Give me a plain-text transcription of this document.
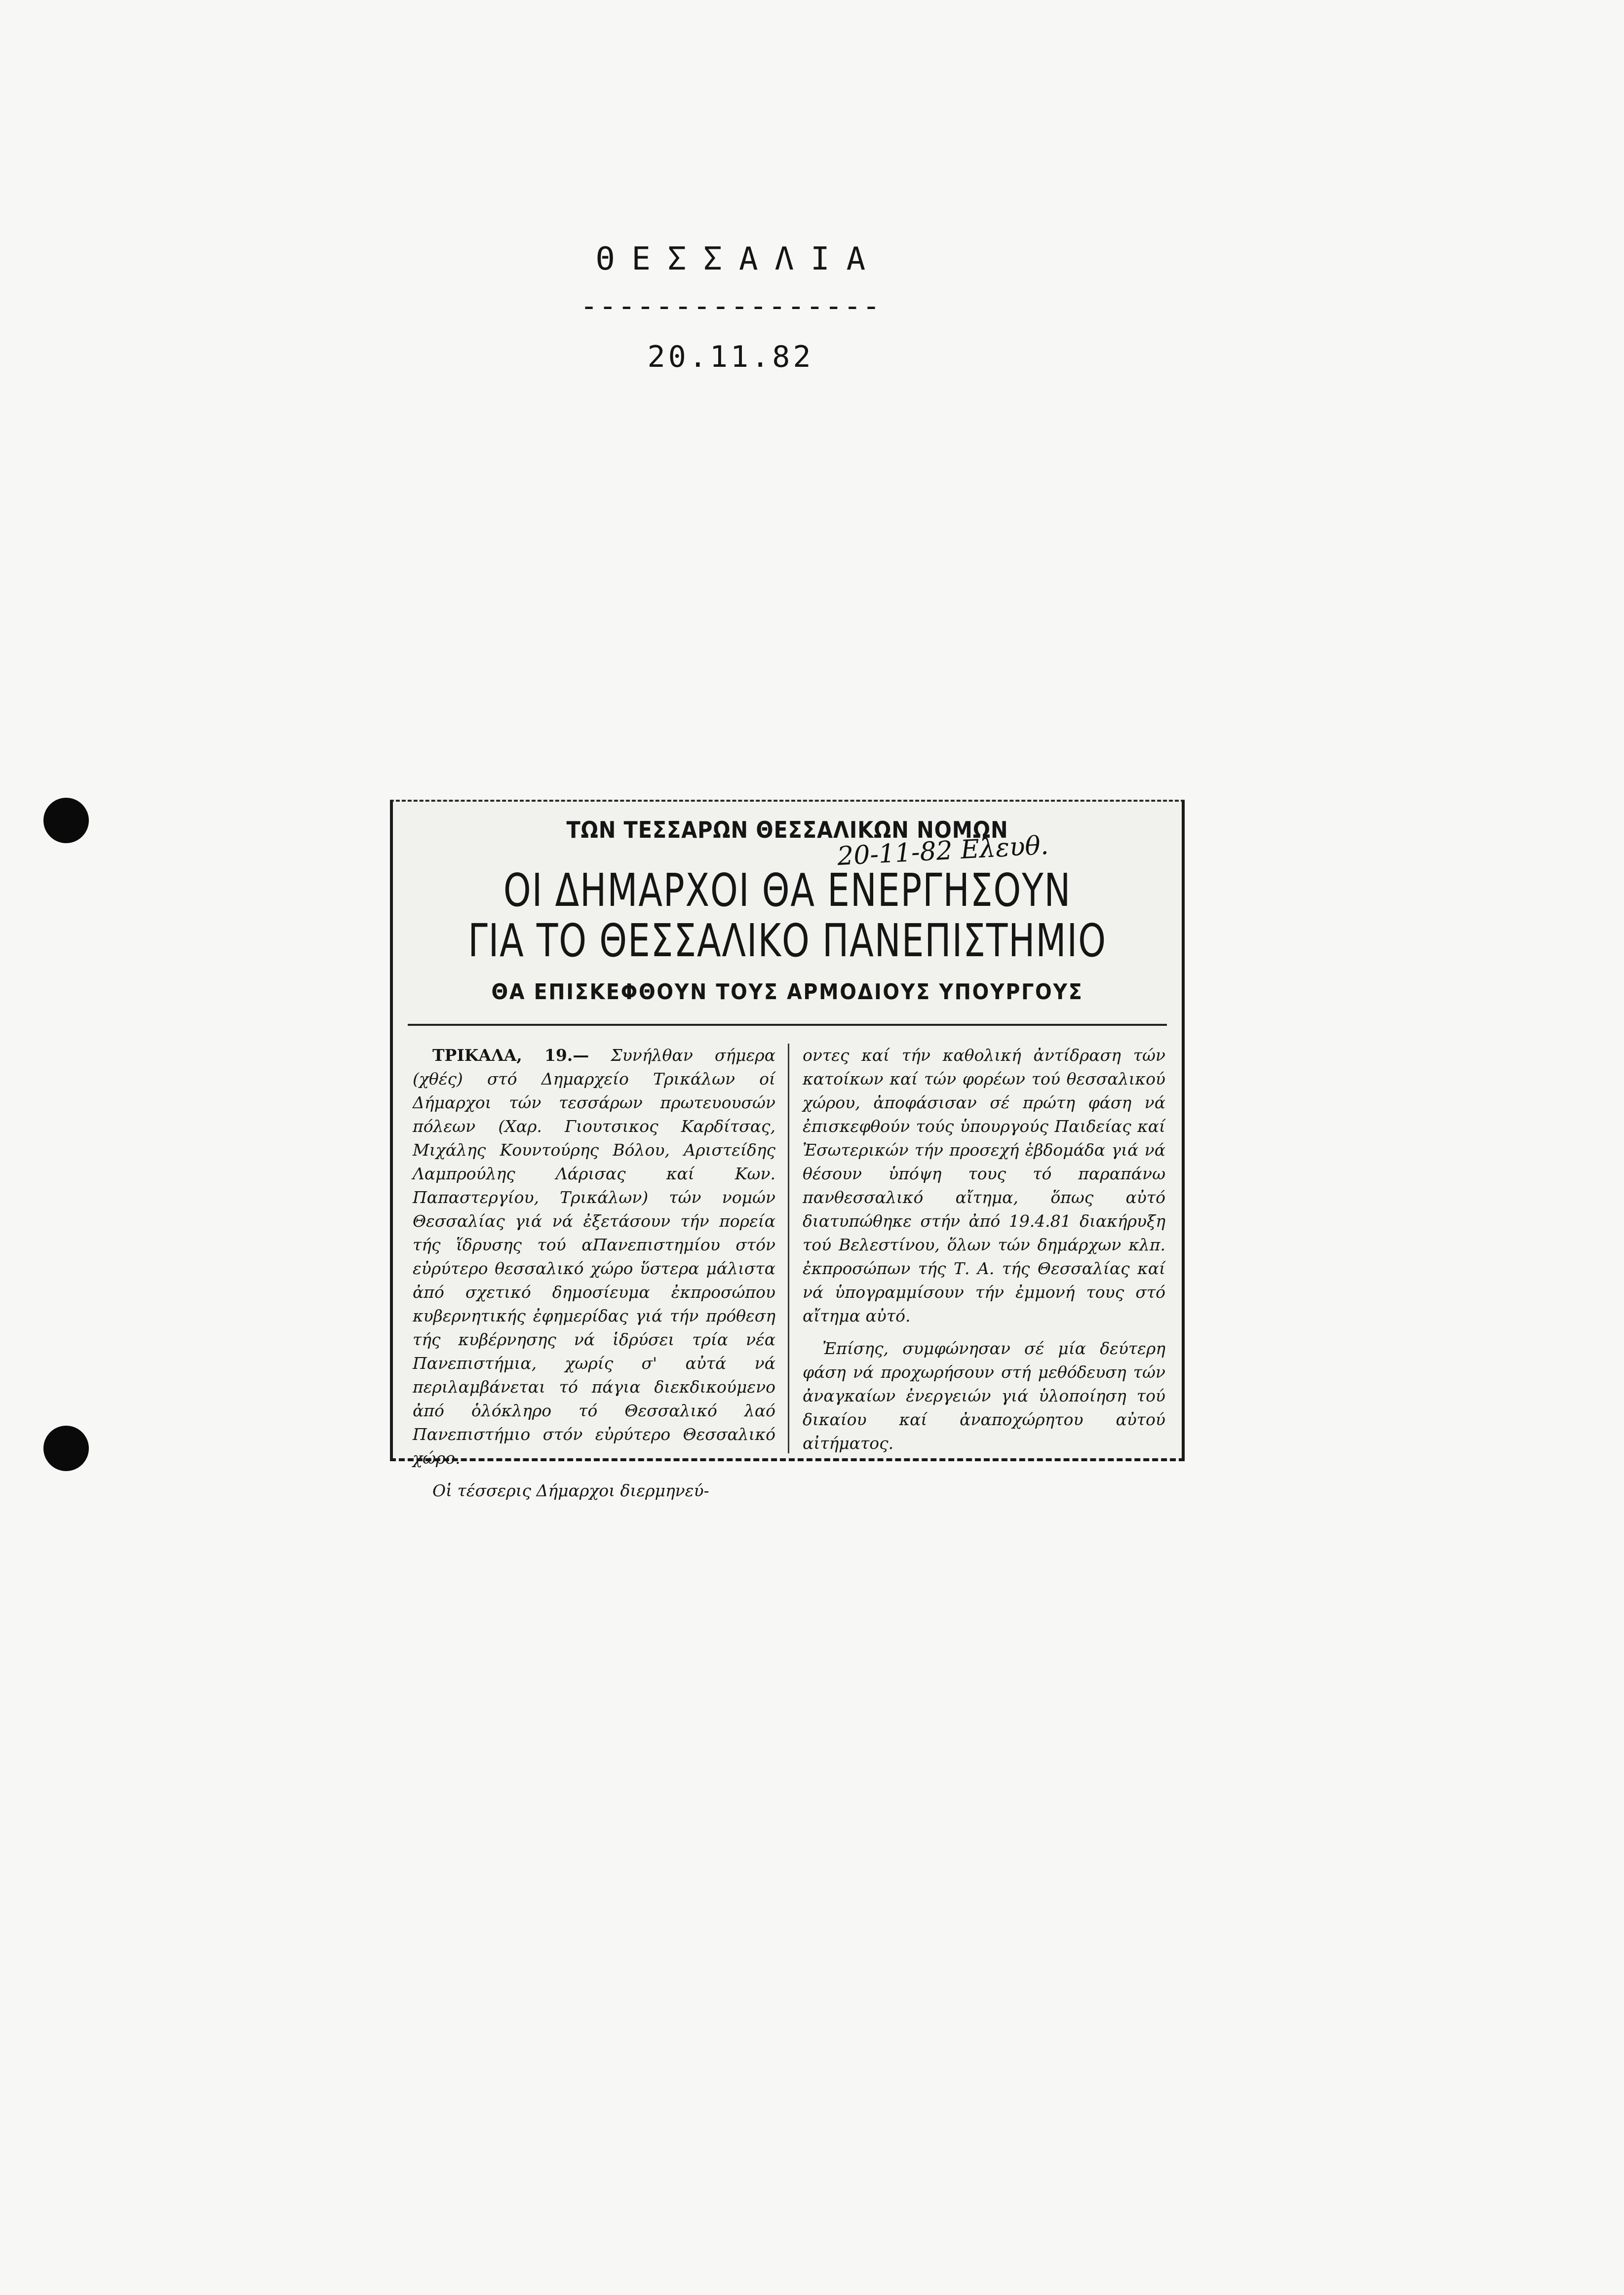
ΘΕΣΣΑΛΙΑ
----------------
20.11.82
ΤΩΝ ΤΕΣΣΑΡΩΝ ΘΕΣΣΑΛΙΚΩΝ ΝΟΜΩΝ
20-11-82 Ελευθ.
ΟΙ ΔΗΜΑΡΧΟΙ ΘΑ ΕΝΕΡΓΗΣΟΥΝ
ΓΙΑ ΤΟ ΘΕΣΣΑΛΙΚΟ ΠΑΝΕΠΙΣΤΗΜΙΟ
ΘΑ ΕΠΙΣΚΕΦΘΟΥΝ ΤΟΥΣ ΑΡΜΟΔΙΟΥΣ ΥΠΟΥΡΓΟΥΣ

ΤΡΙΚΑΛΑ, 19.— Συνήλθαν σήμερα (χθές) στό Δημαρχείο Τρικάλων οί Δήμαρχοι τών τεσσάρων πρωτευουσών πόλεων (Χαρ. Γιουτσικος Καρδίτσας, Μιχάλης Κουντούρης Βόλου, Αριστείδης Λαμπρούλης Λάρισας καί Κων. Παπαστεργίου, Τρικάλων) τών νομών Θεσσαλίας γιά νά ἐξετάσουν τήν πορεία τής ἵδρυσης τού αΠανεπιστημίου στόν εὐρύτερο θεσσαλικό χώρο ὕστερα μάλιστα ἀπό σχετικό δημοσίευμα ἐκπροσώπου κυβερνητικής ἐφημερίδας γιά τήν πρόθεση τής κυβέρνησης νά ἱδρύσει τρία νέα Πανεπιστήμια, χωρίς σ' αὐτά νά περιλαμβάνεται τό πάγια διεκδικούμενο ἀπό ὁλόκληρο τό Θεσσαλικό λαό Πανεπιστήμιο στόν εὐρύτερο Θεσσαλικό χώρο.

Οἱ τέσσερις Δήμαρχοι διερμηνεύ-

οντες καί τήν καθολική ἀντίδραση τών κατοίκων καί τών φορέων τού θεσσαλικού χώρου, ἀποφάσισαν σέ πρώτη φάση νά ἐπισκεφθούν τούς ὑπουργούς Παιδείας καί Ἐσωτερικών τήν προσεχή ἑβδομάδα γιά νά θέσουν ὑπόψη τους τό παραπάνω πανθεσσαλικό αἴτημα, ὅπως αὐτό διατυπώθηκε στήν ἀπό 19.4.81 διακήρυξη τού Βελεστίνου, ὅλων τών δημάρχων κλπ. ἐκπροσώπων τής Τ. Α. τής Θεσσαλίας καί νά ὑπογραμμίσουν τήν ἐμμονή τους στό αἴτημα αὐτό.

Ἐπίσης, συμφώνησαν σέ μία δεύτερη φάση νά προχωρήσουν στή μεθόδευση τών ἀναγκαίων ἐνεργειών γιά ὑλοποίηση τού δικαίου καί ἀναποχώρητου αὐτού αἰτήματος.
